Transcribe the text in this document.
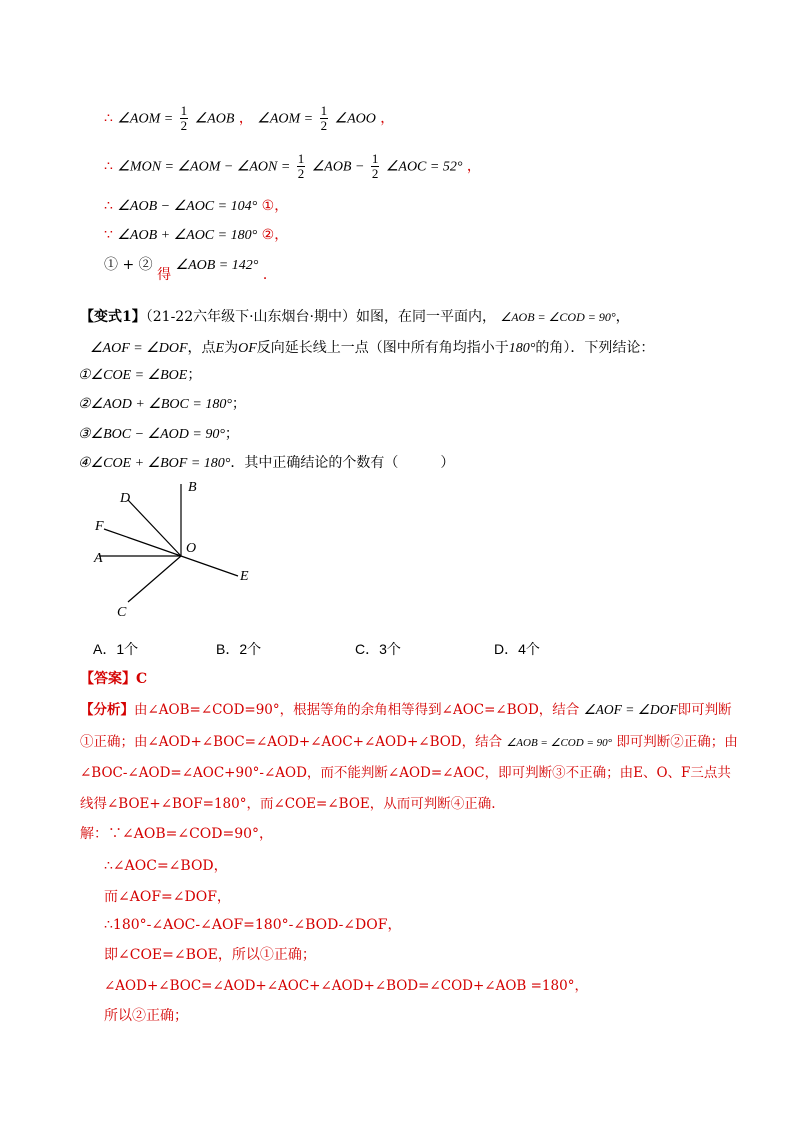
∴ ∠AOM = $\frac{1}{2}$ ∠AOB ， ∠AOM = $\frac{1}{2}$ ∠AOO ，
∴ ∠MON = ∠AOM − ∠AON = $\frac{1}{2}$ ∠AOB − $\frac{1}{2}$ ∠AOC = 52° ，
∴ ∠AOB − ∠AOC = 104° ①，
∵ ∠AOB + ∠AOC = 180° ②，
① + ② 得 ∠AOB = 142° ．
【变式1】（21-22六年级下·山东烟台·期中）如图，在同一平面内， ∠AOB = ∠COD = 90°，
∠AOF = ∠DOF，点E为OF反向延长线上一点（图中所有角均指小于180°的角）．下列结论：
①∠COE = ∠BOE；
②∠AOD + ∠BOC = 180°；
③∠BOC − ∠AOD = 90°；
④∠COE + ∠BOF = 180°．其中正确结论的个数有（　　　）
B
D
F
A
O
E
C
A．1个	B．2个	C．3个	D．4个
【答案】C
【分析】由∠AOB=∠COD=90°，根据等角的余角相等得到∠AOC=∠BOD，结合 ∠AOF = ∠DOF即可判断
①正确；由∠AOD+∠BOC=∠AOD+∠AOC+∠AOD+∠BOD，结合 ∠AOB = ∠COD = 90° 即可判断②正确；由
∠BOC-∠AOD=∠AOC+90°-∠AOD，而不能判断∠AOD=∠AOC，即可判断③不正确；由E、O、F三点共
线得∠BOE+∠BOF=180°，而∠COE=∠BOE，从而可判断④正确.
解：∵∠AOB=∠COD=90°，
∴∠AOC=∠BOD，
而∠AOF=∠DOF，
∴180°-∠AOC-∠AOF=180°-∠BOD-∠DOF，
即∠COE=∠BOE，所以①正确；
∠AOD+∠BOC=∠AOD+∠AOC+∠AOD+∠BOD=∠COD+∠AOB =180°，
所以②正确；
